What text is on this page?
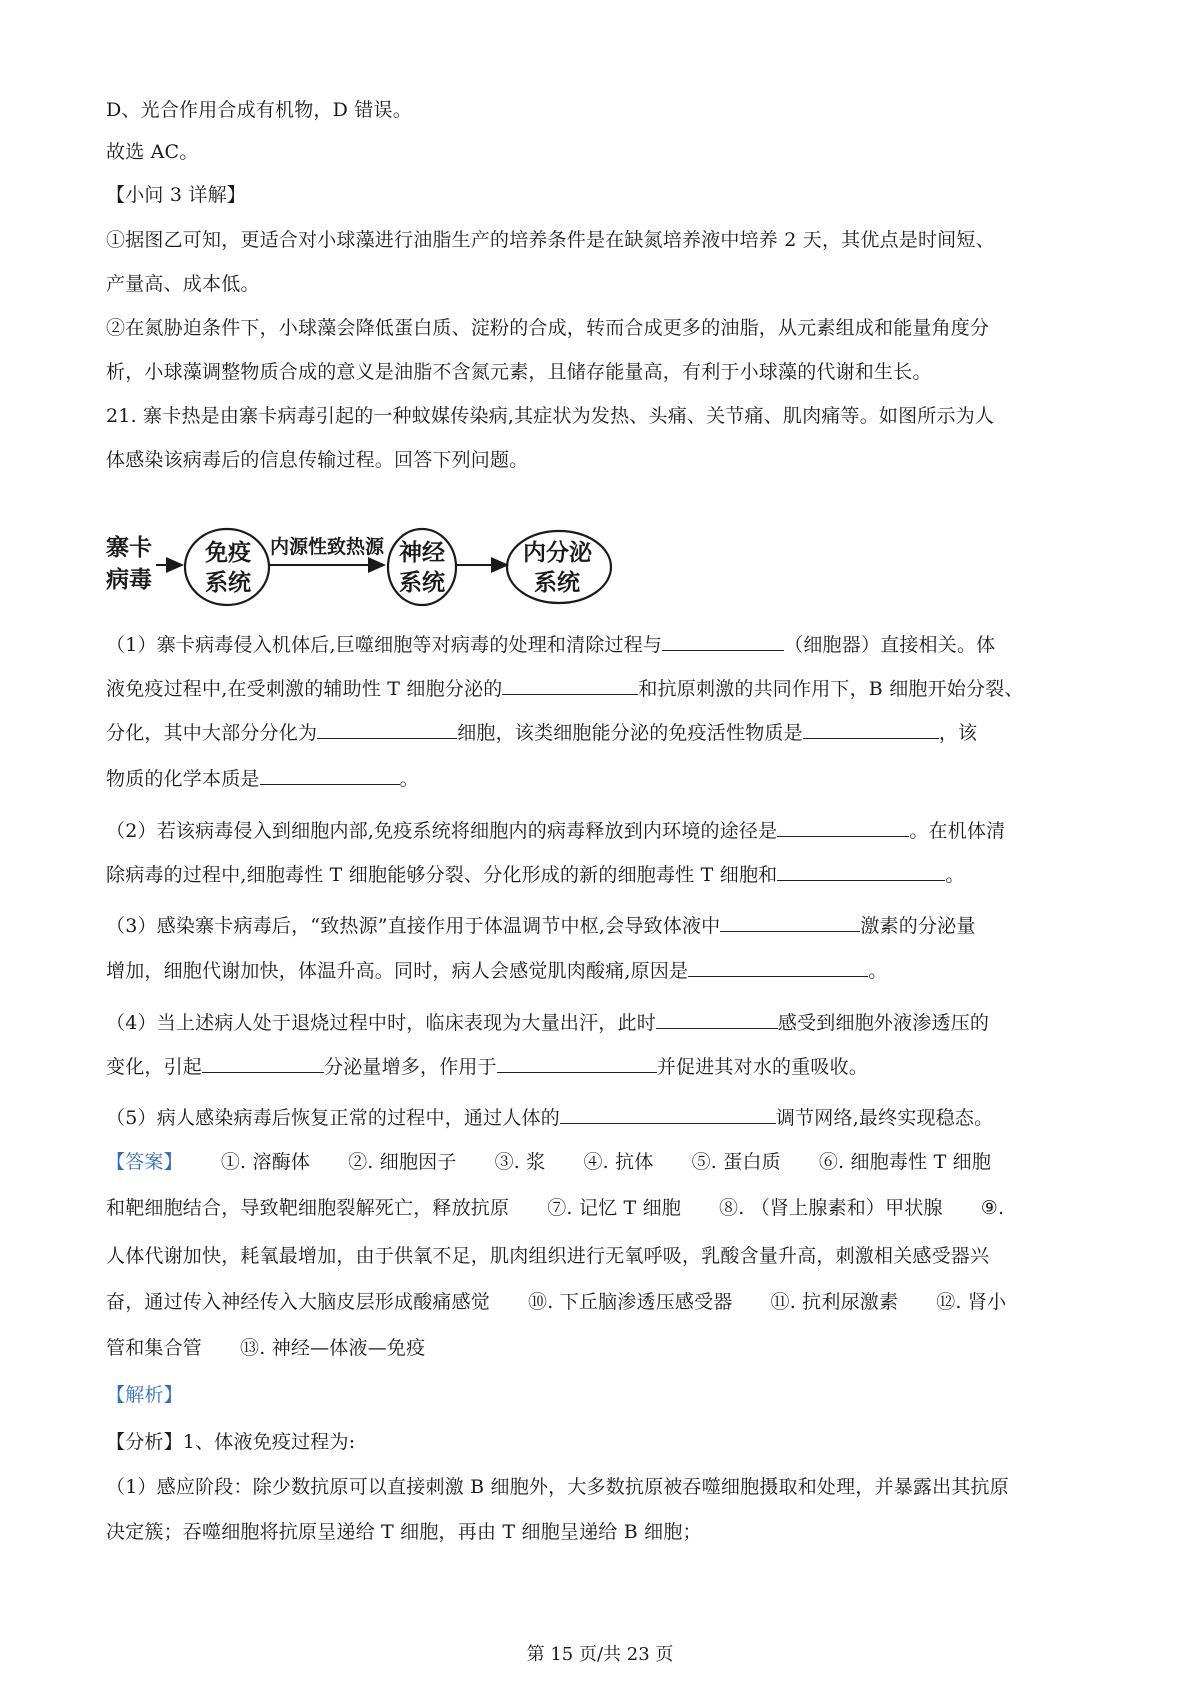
D、光合作用合成有机物，D 错误。
故选 AC。
【小问 3 详解】
①据图乙可知，更适合对小球藻进行油脂生产的培养条件是在缺氮培养液中培养 2 天，其优点是时间短、
产量高、成本低。
②在氮胁迫条件下，小球藻会降低蛋白质、淀粉的合成，转而合成更多的油脂，从元素组成和能量角度分
析，小球藻调整物质合成的意义是油脂不含氮元素，且储存能量高，有利于小球藻的代谢和生长。
21. 寨卡热是由寨卡病毒引起的一种蚊媒传染病,其症状为发热、头痛、关节痛、肌肉痛等。如图所示为人
体感染该病毒后的信息传输过程。回答下列问题。
寨卡
病毒
免疫
系统
内源性致热源 神经
系统
内分泌
系统
（1）寨卡病毒侵入机体后,巨噬细胞等对病毒的处理和清除过程与	（细胞器）直接相关。体
液免疫过程中,在受刺激的辅助性 T 细胞分泌的	和抗原刺激的共同作用下，B 细胞开始分裂、
分化，其中大部分分化为	细胞，该类细胞能分泌的免疫活性物质是	，该
物质的化学本质是	。
（2）若该病毒侵入到细胞内部,免疫系统将细胞内的病毒释放到内环境的途径是	。在机体清
除病毒的过程中,细胞毒性 T 细胞能够分裂、分化形成的新的细胞毒性 T 细胞和	。
（3）感染寨卡病毒后，“致热源”直接作用于体温调节中枢,会导致体液中	激素的分泌量
增加，细胞代谢加快，体温升高。同时，病人会感觉肌肉酸痛,原因是	。
（4）当上述病人处于退烧过程中时，临床表现为大量出汗，此时	感受到细胞外液渗透压的
变化，引起	分泌量增多，作用于	并促进其对水的重吸收。
（5）病人感染病毒后恢复正常的过程中，通过人体的	调节网络,最终实现稳态。
【答案】 ①. 溶酶体 ②. 细胞因子 ③. 浆 ④. 抗体 ⑤. 蛋白质 ⑥. 细胞毒性 T 细胞
和靶细胞结合，导致靶细胞裂解死亡，释放抗原 ⑦. 记忆 T 细胞 ⑧. （肾上腺素和）甲状腺 ⑨.
人体代谢加快，耗氧最增加，由于供氧不足，肌肉组织进行无氧呼吸，乳酸含量升高，刺激相关感受器兴
奋，通过传入神经传入大脑皮层形成酸痛感觉 ⑩. 下丘脑渗透压感受器 ⑪. 抗利尿激素 ⑫. 肾小
管和集合管 ⑬. 神经—体液—免疫
【解析】
【分析】1、体液免疫过程为:
（1）感应阶段：除少数抗原可以直接刺激 B 细胞外，大多数抗原被吞噬细胞摄取和处理，并暴露出其抗原
决定簇；吞噬细胞将抗原呈递给 T 细胞，再由 T 细胞呈递给 B 细胞；
第 15 页/共 23 页
